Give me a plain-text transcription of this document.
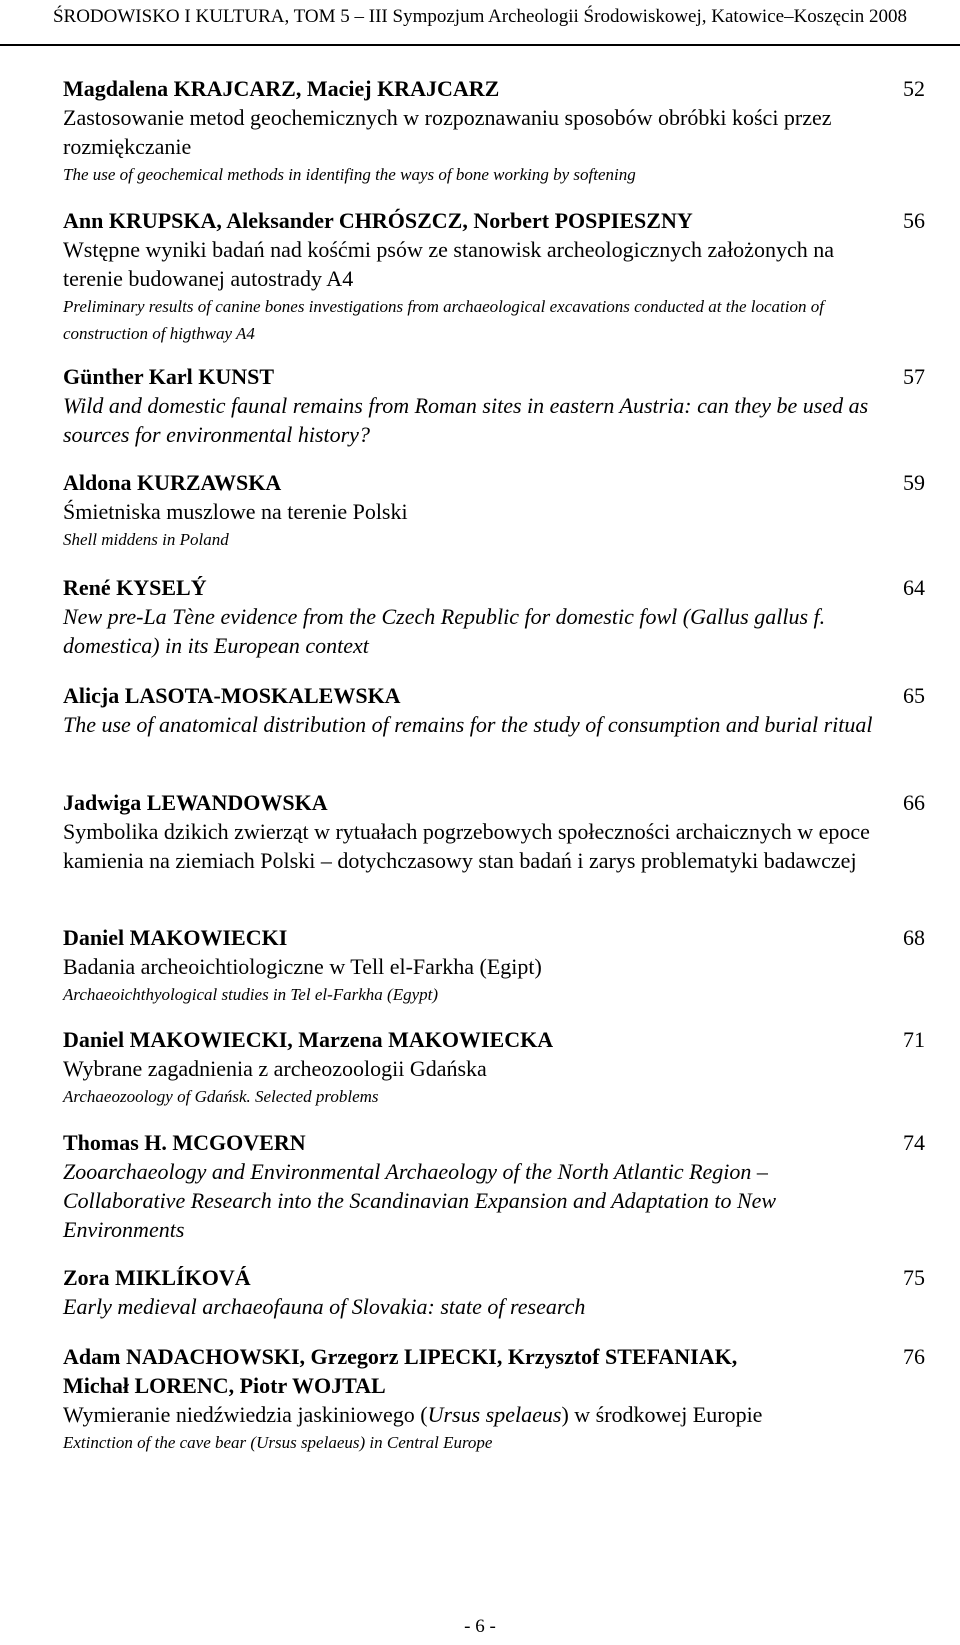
ŚRODOWISKO I KULTURA, TOM 5 – III Sympozjum Archeologii Środowiskowej, Katowice–Koszęcin 2008
Magdalena KRAJCARZ, Maciej KRAJCARZ
Zastosowanie metod geochemicznych w rozpoznawaniu sposobów obróbki kości przez rozmiękczanie
The use of geochemical methods in identifing the ways of bone working by softening
52
Ann KRUPSKA, Aleksander CHRÓSZCZ, Norbert POSPIESZNY
Wstępne wyniki badań nad kośćmi psów ze stanowisk archeologicznych założonych na terenie budowanej autostrady A4
Preliminary results of canine bones investigations from archaeological excavations conducted at the location of construction of higthway A4
56
Günther Karl KUNST
Wild and domestic faunal remains from Roman sites in eastern Austria: can they be used as sources for environmental history?
57
Aldona KURZAWSKA
Śmietniska muszlowe na terenie Polski
Shell middens in Poland
59
René KYSELÝ
New pre-La Tène evidence from the Czech Republic for domestic fowl (Gallus gallus f. domestica) in its European context
64
Alicja LASOTA-MOSKALEWSKA
The use of anatomical distribution of remains for the study of consumption and burial ritual
65
Jadwiga LEWANDOWSKA
Symbolika dzikich zwierząt w rytuałach pogrzebowych społeczności archaicznych w epoce kamienia na ziemiach Polski – dotychczasowy stan badań i zarys problematyki badawczej
66
Daniel MAKOWIECKI
Badania archeoichtiologiczne w Tell el-Farkha (Egipt)
Archaeoichthyological studies in Tel el-Farkha (Egypt)
68
Daniel MAKOWIECKI, Marzena MAKOWIECKA
Wybrane zagadnienia z archeozoologii Gdańska
Archaeozoology of Gdańsk. Selected problems
71
Thomas H. MCGOVERN
Zooarchaeology and Environmental Archaeology of the North Atlantic Region – Collaborative Research into the Scandinavian Expansion and Adaptation to New Environments
74
Zora MIKLÍKOVÁ
Early medieval archaeofauna of Slovakia: state of research
75
Adam NADACHOWSKI, Grzegorz LIPECKI, Krzysztof STEFANIAK,
Michał LORENC, Piotr WOJTAL
Wymieranie niedźwiedzia jaskiniowego (Ursus spelaeus) w środkowej Europie
Extinction of the cave bear (Ursus spelaeus) in Central Europe
76
- 6 -
